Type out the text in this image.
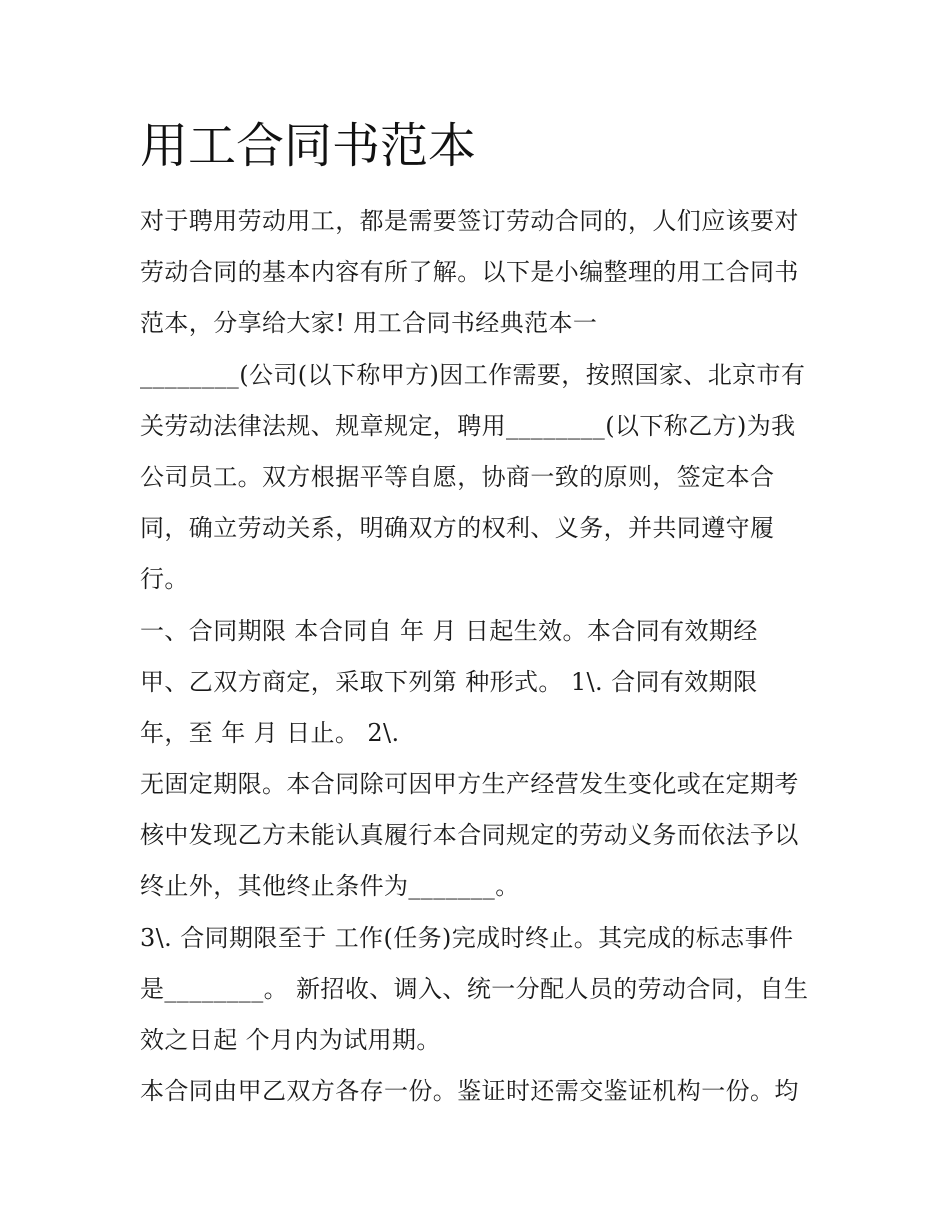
用工合同书范本
对于聘用劳动用工，都是需要签订劳动合同的，人们应该要对
劳动合同的基本内容有所了解。以下是小编整理的用工合同书
范本，分享给大家! 用工合同书经典范本一
________(公司(以下称甲方)因工作需要，按照国家、北京市有
关劳动法律法规、规章规定，聘用________(以下称乙方)为我
公司员工。双方根据平等自愿，协商一致的原则，签定本合
同，确立劳动关系，明确双方的权利、义务，并共同遵守履
行。
一、合同期限 本合同自 年 月 日起生效。本合同有效期经
甲、乙双方商定，采取下列第 种形式。 1\. 合同有效期限
年，至 年 月 日止。 2\.
无固定期限。本合同除可因甲方生产经营发生变化或在定期考
核中发现乙方未能认真履行本合同规定的劳动义务而依法予以
终止外，其他终止条件为_______。
3\. 合同期限至于 工作(任务)完成时终止。其完成的标志事件
是________。 新招收、调入、统一分配人员的劳动合同，自生
效之日起 个月内为试用期。
本合同由甲乙双方各存一份。鉴证时还需交鉴证机构一份。均
